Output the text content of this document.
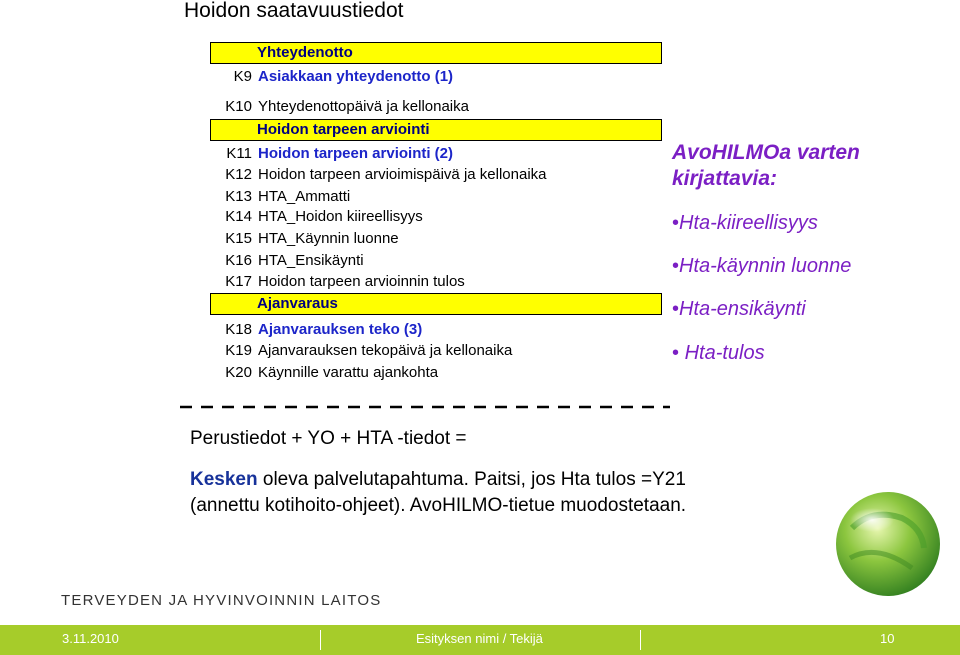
Hoidon saatavuustiedot
Yhteydenotto
K9 Asiakkaan yhteydenotto (1)
K10 Yhteydenottopäivä ja kellonaika
Hoidon tarpeen arviointi
K11 Hoidon tarpeen arviointi (2)
K12 Hoidon tarpeen arvioimispäivä ja kellonaika
K13 HTA_Ammatti
K14 HTA_Hoidon kiireellisyys
K15 HTA_Käynnin luonne
K16 HTA_Ensikäynti
K17 Hoidon tarpeen arvioinnin tulos
Ajanvaraus
K18 Ajanvarauksen teko (3)
K19 Ajanvarauksen tekopäivä ja kellonaika
K20 Käynnille varattu ajankohta
Perustiedot + YO + HTA -tiedot =
Kesken oleva palvelutapahtuma. Paitsi, jos Hta tulos =Y21 (annettu kotihoito-ohjeet). AvoHILMO-tietue muodostetaan.
AvoHILMOa varten
kirjattavia:
•Hta-kiireellisyys
•Hta-käynnin luonne
•Hta-ensikäynti
• Hta-tulos
TERVEYDEN JA HYVINVOINNIN LAITOS
3.11.2010	Esityksen nimi / Tekijä	10
